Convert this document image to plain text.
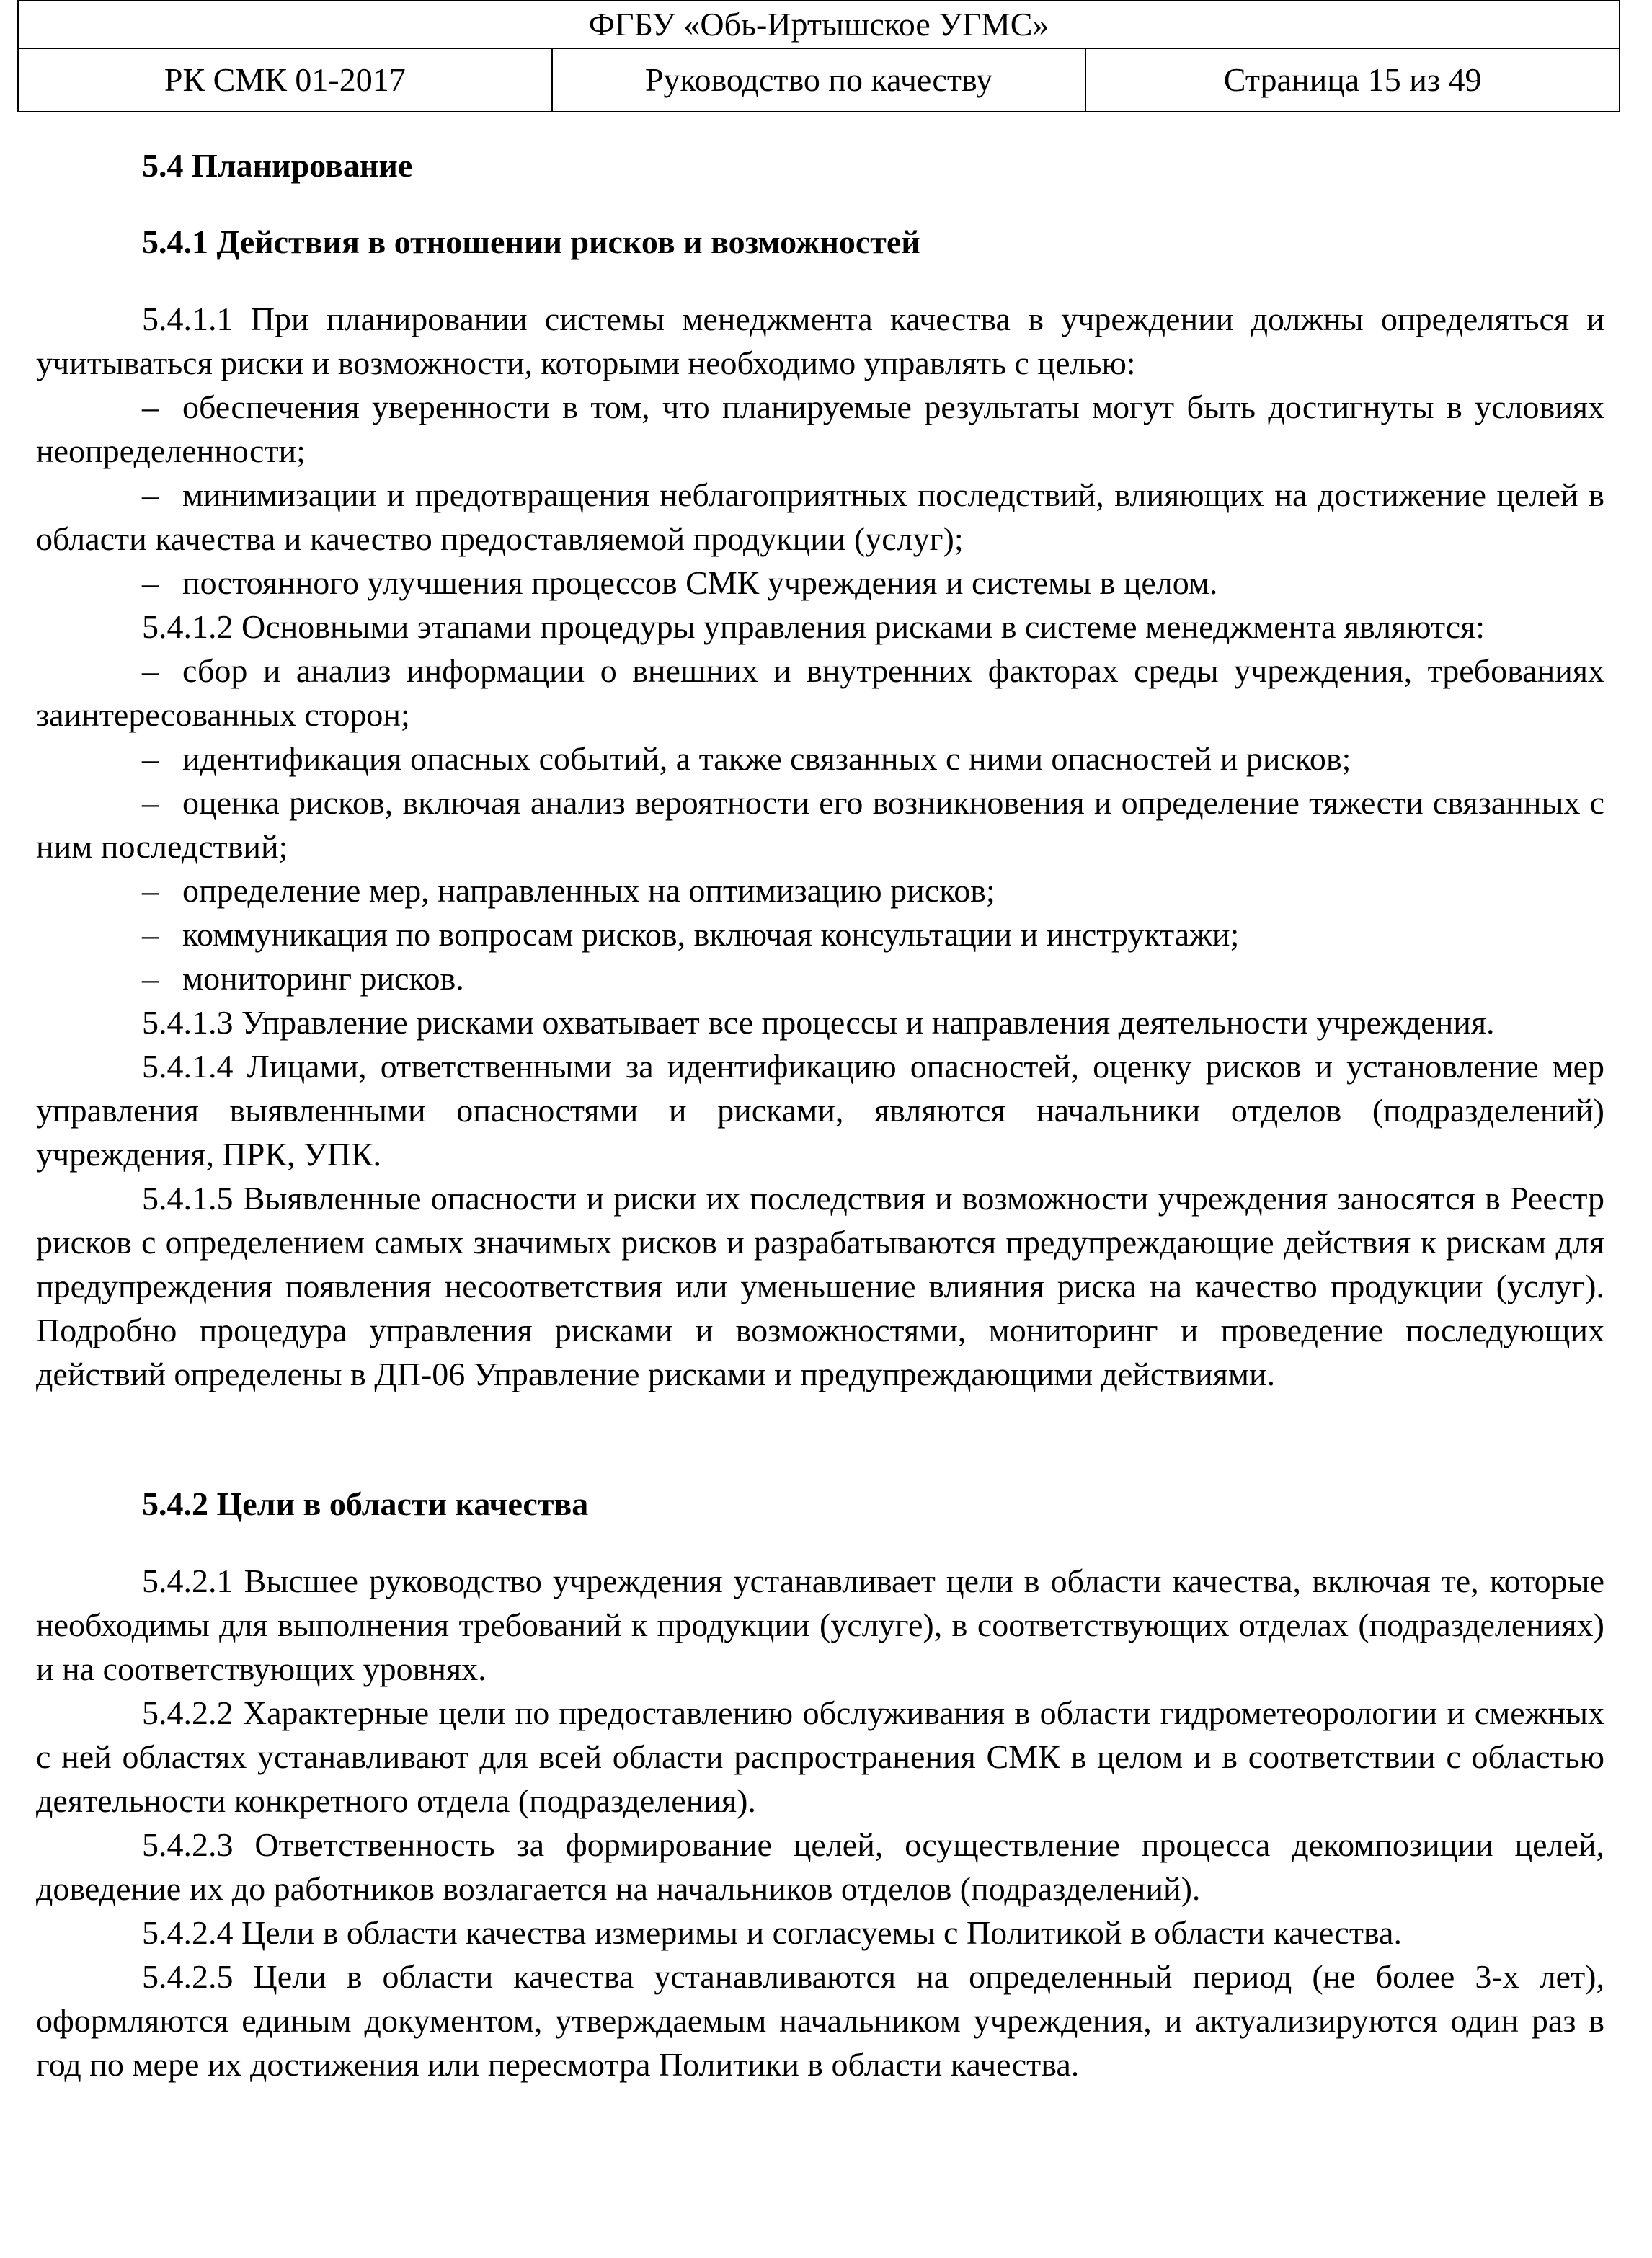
ФГБУ «Обь-Иртышское УГМС»
РК СМК 01-2017	Руководство по качеству	Страница 15 из 49
5.4 Планирование
5.4.1 Действия в отношении рисков и возможностей

5.4.1.1 При планировании системы менеджмента качества в учреждении должны определяться и учитываться риски и возможности, которыми необходимо управлять с целью:

– обеспечения уверенности в том, что планируемые результаты могут быть достигнуты в условиях неопределенности;

– минимизации и предотвращения неблагоприятных последствий, влияющих на достижение целей в области качества и качество предоставляемой продукции (услуг);

– постоянного улучшения процессов СМК учреждения и системы в целом.

5.4.1.2 Основными этапами процедуры управления рисками в системе менеджмента являются:

– сбор и анализ информации о внешних и внутренних факторах среды учреждения, требованиях заинтересованных сторон;

– идентификация опасных событий, а также связанных с ними опасностей и рисков;

– оценка рисков, включая анализ вероятности его возникновения и определение тяжести связанных с ним последствий;

– определение мер, направленных на оптимизацию рисков;

– коммуникация по вопросам рисков, включая консультации и инструктажи;

– мониторинг рисков.

5.4.1.3 Управление рисками охватывает все процессы и направления деятельности учреждения.

5.4.1.4 Лицами, ответственными за идентификацию опасностей, оценку рисков и установление мер управления выявленными опасностями и рисками, являются начальники отделов (подразделений) учреждения, ПРК, УПК.

5.4.1.5 Выявленные опасности и риски их последствия и возможности учреждения заносятся в Реестр рисков с определением самых значимых рисков и разрабатываются предупреждающие действия к рискам для предупреждения появления несоответствия или уменьшение влияния риска на качество продукции (услуг). Подробно процедура управления рисками и возможностями, мониторинг и проведение последующих действий определены в ДП-06 Управление рисками и предупреждающими действиями.

5.4.2 Цели в области качества

5.4.2.1 Высшее руководство учреждения устанавливает цели в области качества, включая те, которые необходимы для выполнения требований к продукции (услуге), в соответствующих отделах (подразделениях) и на соответствующих уровнях.

5.4.2.2 Характерные цели по предоставлению обслуживания в области гидрометеорологии и смежных с ней областях устанавливают для всей области распространения СМК в целом и в соответствии с областью деятельности конкретного отдела (подразделения).

5.4.2.3 Ответственность за формирование целей, осуществление процесса декомпозиции целей, доведение их до работников возлагается на начальников отделов (подразделений).

5.4.2.4 Цели в области качества измеримы и согласуемы с Политикой в области качества.

5.4.2.5 Цели в области качества устанавливаются на определенный период (не более 3-х лет), оформляются единым документом, утверждаемым начальником учреждения, и актуализируются один раз в год по мере их достижения или пересмотра Политики в области качества.
